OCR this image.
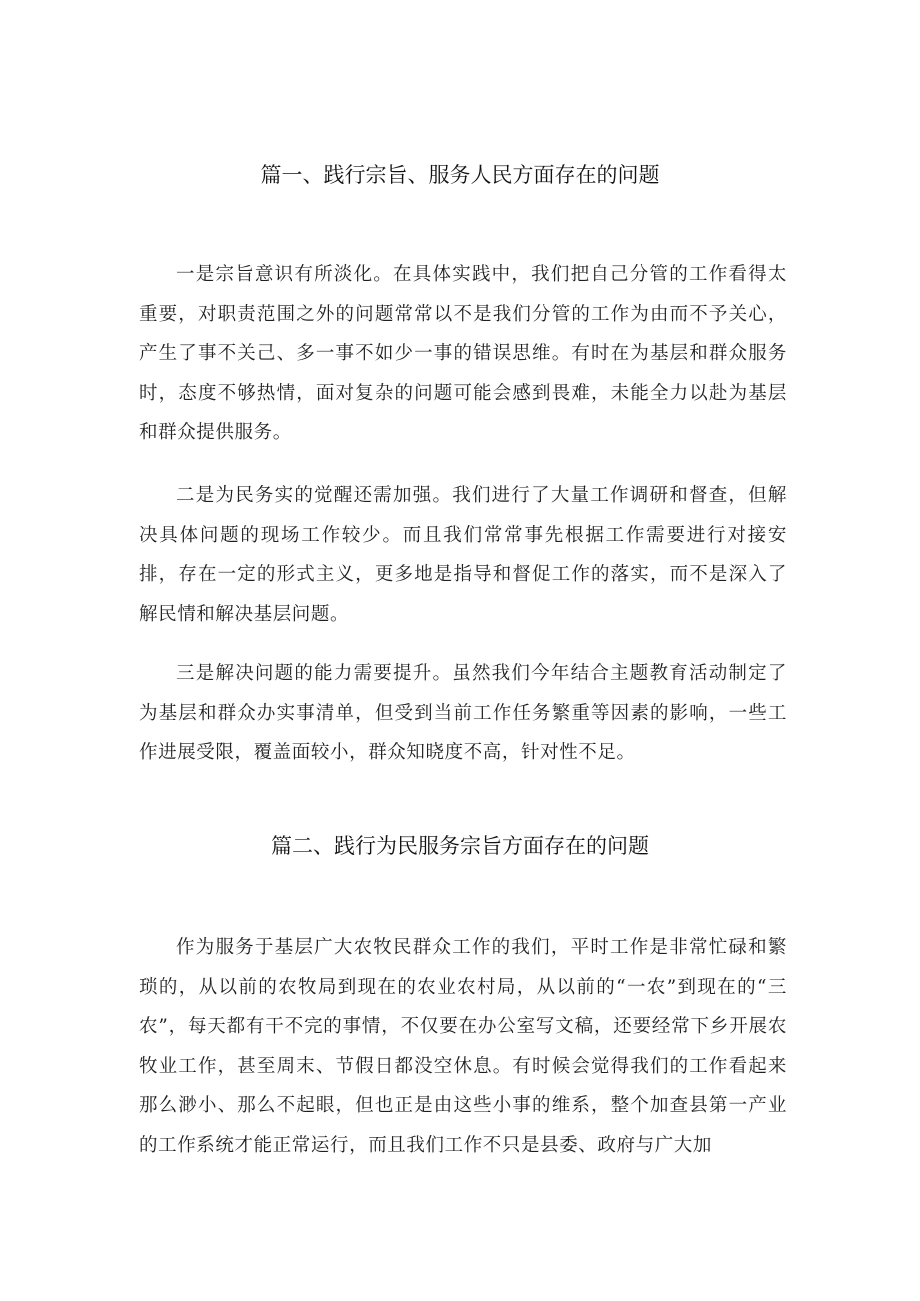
篇一、践行宗旨、服务人民方面存在的问题

一是宗旨意识有所淡化。在具体实践中，我们把自己分管的工作看得太重要，对职责范围之外的问题常常以不是我们分管的工作为由而不予关心，产生了事不关己、多一事不如少一事的错误思维。有时在为基层和群众服务时，态度不够热情，面对复杂的问题可能会感到畏难，未能全力以赴为基层和群众提供服务。

二是为民务实的觉醒还需加强。我们进行了大量工作调研和督查，但解决具体问题的现场工作较少。而且我们常常事先根据工作需要进行对接安排，存在一定的形式主义，更多地是指导和督促工作的落实，而不是深入了解民情和解决基层问题。

三是解决问题的能力需要提升。虽然我们今年结合主题教育活动制定了为基层和群众办实事清单，但受到当前工作任务繁重等因素的影响，一些工作进展受限，覆盖面较小，群众知晓度不高，针对性不足。

篇二、践行为民服务宗旨方面存在的问题

作为服务于基层广大农牧民群众工作的我们，平时工作是非常忙碌和繁琐的，从以前的农牧局到现在的农业农村局，从以前的“一农”到现在的“三农”，每天都有干不完的事情，不仅要在办公室写文稿，还要经常下乡开展农牧业工作，甚至周末、节假日都没空休息。有时候会觉得我们的工作看起来那么渺小、那么不起眼，但也正是由这些小事的维系，整个加查县第一产业的工作系统才能正常运行，而且我们工作不只是县委、政府与广大加
